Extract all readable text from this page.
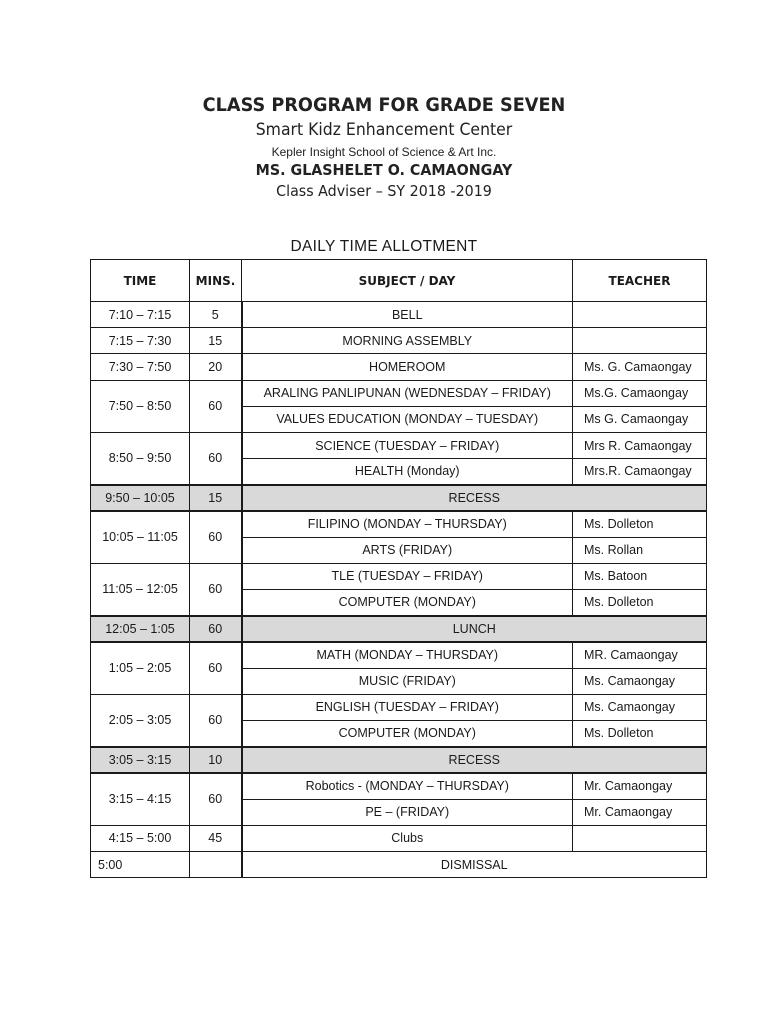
CLASS PROGRAM FOR GRADE SEVEN
Smart Kidz Enhancement Center
Kepler Insight School of Science & Art Inc.
MS. GLASHELET O. CAMAONGAY
Class Adviser – SY 2018 -2019
DAILY TIME ALLOTMENT
TIME	MINS.	SUBJECT / DAY	TEACHER
7:10 – 7:15	5	BELL	
7:15 – 7:30	15	MORNING ASSEMBLY	
7:30 – 7:50	20	HOMEROOM	Ms. G. Camaongay
7:50 – 8:50	60	ARALING PANLIPUNAN (WEDNESDAY – FRIDAY)	Ms.G. Camaongay
		VALUES EDUCATION (MONDAY – TUESDAY)	Ms G. Camaongay
8:50 – 9:50	60	SCIENCE (TUESDAY – FRIDAY)	Mrs R. Camaongay
		HEALTH (Monday)	Mrs.R. Camaongay
9:50 – 10:05	15	RECESS	
10:05 – 11:05	60	FILIPINO (MONDAY – THURSDAY)	Ms. Dolleton
		ARTS (FRIDAY)	Ms. Rollan
11:05 – 12:05	60	TLE (TUESDAY – FRIDAY)	Ms. Batoon
		COMPUTER (MONDAY)	Ms. Dolleton
12:05 – 1:05	60	LUNCH	
1:05 – 2:05	60	MATH (MONDAY – THURSDAY)	MR. Camaongay
		MUSIC (FRIDAY)	Ms. Camaongay
2:05 – 3:05	60	ENGLISH (TUESDAY – FRIDAY)	Ms. Camaongay
		COMPUTER (MONDAY)	Ms. Dolleton
3:05 – 3:15	10	RECESS	
3:15 – 4:15	60	Robotics - (MONDAY – THURSDAY)	Mr. Camaongay
		PE – (FRIDAY)	Mr. Camaongay
4:15 – 5:00	45	Clubs	
5:00		DISMISSAL	
